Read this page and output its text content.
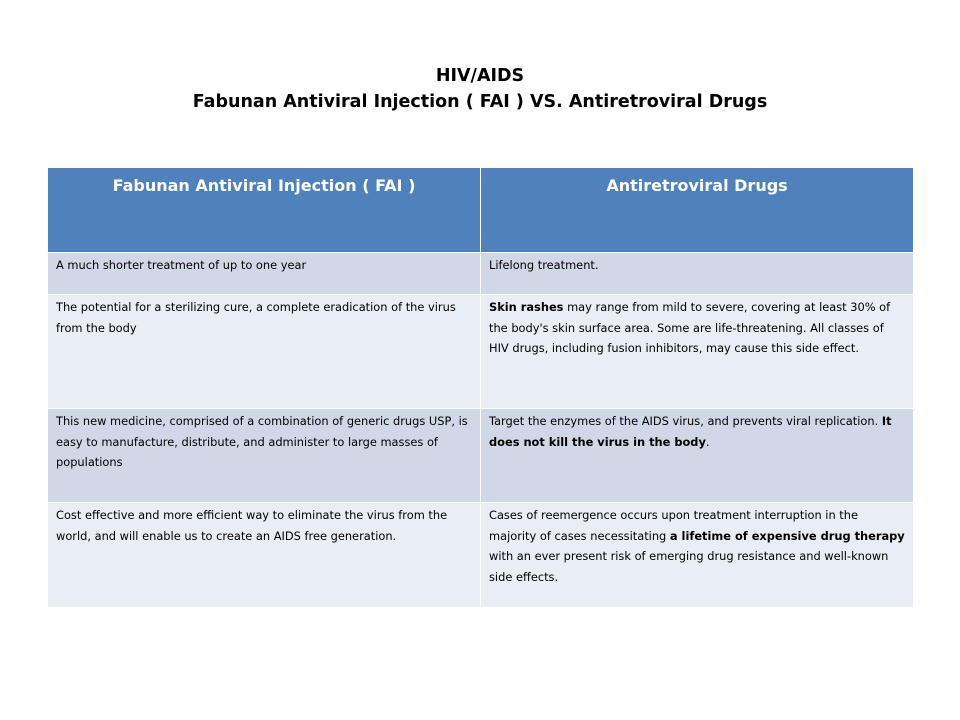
HIV/AIDS
Fabunan Antiviral Injection ( FAI ) VS. Antiretroviral Drugs
Fabunan Antiviral Injection ( FAI )	Antiretroviral Drugs
A much shorter treatment of up to one year	Lifelong treatment.
The potential for a sterilizing cure, a complete eradication of the virus from the body	Skin rashes may range from mild to severe, covering at least 30% of the body's skin surface area. Some are life-threatening. All classes of HIV drugs, including fusion inhibitors, may cause this side effect.
This new medicine, comprised of a combination of generic drugs USP, is easy to manufacture, distribute, and administer to large masses of populations	Target the enzymes of the AIDS virus, and prevents viral replication. It does not kill the virus in the body.
Cost effective and more efficient way to eliminate the virus from the world, and will enable us to create an AIDS free generation.	Cases of reemergence occurs upon treatment interruption in the majority of cases necessitating a lifetime of expensive drug therapy with an ever present risk of emerging drug resistance and well-known side effects.
